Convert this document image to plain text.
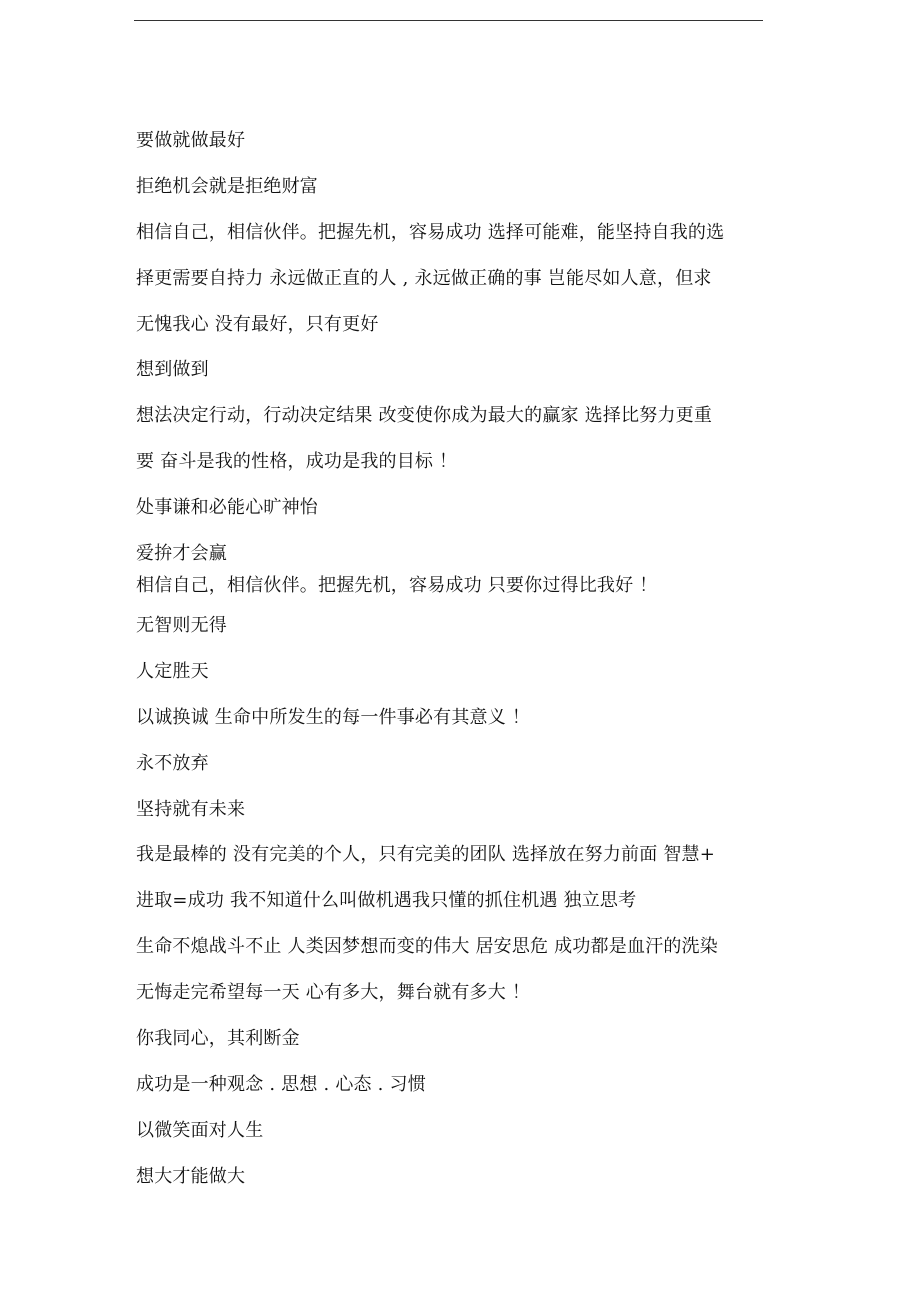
要做就做最好
拒绝机会就是拒绝财富
相信自己，相信伙伴。把握先机，容易成功 选择可能难，能坚持自我的选
择更需要自持力 永远做正直的人 , 永远做正确的事 岂能尽如人意，但求
无愧我心 没有最好，只有更好
想到做到
想法决定行动，行动决定结果 改变使你成为最大的赢家 选择比努力更重
要 奋斗是我的性格，成功是我的目标 ！
处事谦和必能心旷神怡
爱拚才会赢
相信自己，相信伙伴。把握先机，容易成功 只要你过得比我好 ！
无智则无得
人定胜天
以诚换诚 生命中所发生的每一件事必有其意义 ！
永不放弃
坚持就有未来
我是最棒的 没有完美的个人，只有完美的团队 选择放在努力前面 智慧+
进取=成功 我不知道什么叫做机遇我只懂的抓住机遇 独立思考
生命不熄战斗不止 人类因梦想而变的伟大 居安思危 成功都是血汗的洗染
无悔走完希望每一天 心有多大，舞台就有多大 ！
你我同心，其利断金
成功是一种观念 . 思想 . 心态 . 习惯
以微笑面对人生
想大才能做大
